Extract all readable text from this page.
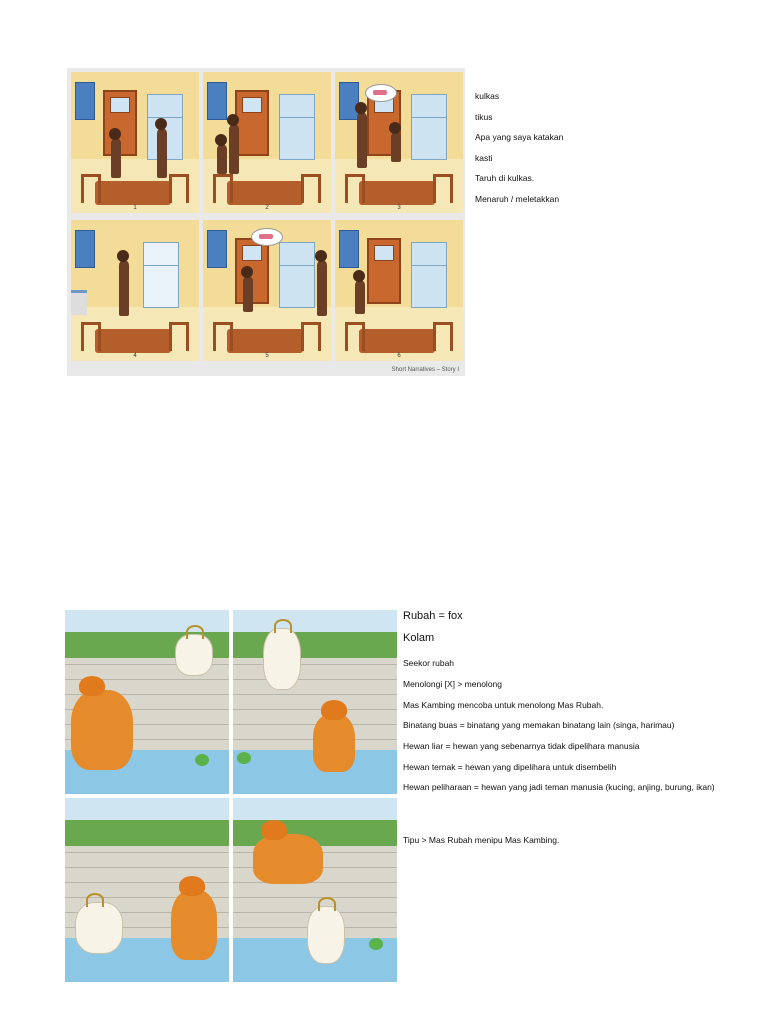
1	2	3
4	5	6
Short Narratives – Story I
kulkas
tikus
Apa yang saya katakan
kasti
Taruh di kulkas.
Menaruh / meletakkan
Rubah = fox
Kolam
Seekor rubah
Menolongi [X] > menolong
Mas Kambing mencoba untuk menolong Mas Rubah.
Binatang buas = binatang yang memakan binatang lain (singa, harimau)
Hewan liar = hewan yang sebenarnya tidak dipelihara manusia
Hewan ternak = hewan yang dipelihara untuk disembelih
Hewan peliharaan = hewan yang jadi teman manusia (kucing, anjing, burung, ikan)
Tipu > Mas Rubah menipu Mas Kambing.
